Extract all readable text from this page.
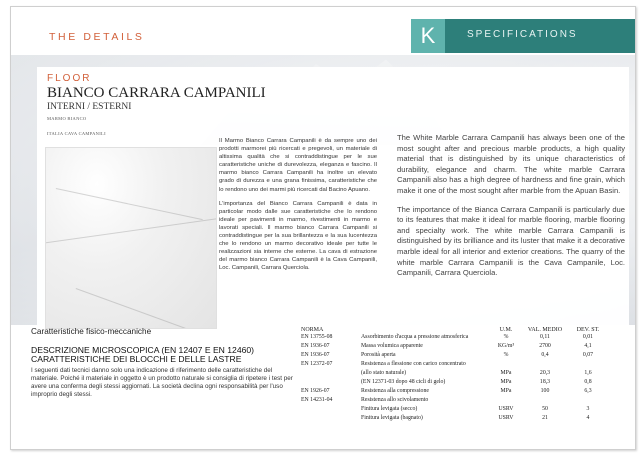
THE DETAILS	K	SPECIFICATIONS
FLOOR
BIANCO CARRARA CAMPANILI
INTERNI / ESTERNI
MARMO BIANCO
ITALIA CAVA CAMPANILI

Il Marmo Bianco Carrara Campanili è da sempre uno dei prodotti marmorei più ricercati e pregevoli, un materiale di altissima qualità che si contraddistingue per le sue caratteristiche uniche di durevolezza, eleganza e fascino. Il marmo bianco Carrara Campanili ha inoltre un elevato grado di durezza e una grana finissima, caratteristiche che lo rendono uno dei marmi più ricercati dal Bacino Apuano.

L'importanza del Bianco Carrara Campanili è data in particolar modo dalle sue caratteristiche che lo rendono ideale per pavimenti in marmo, rivestimenti in marmo e lavorati speciali. Il marmo bianco Carrara Campanili si contraddistingue per la sua brillantezza e la sua lucentezza che lo rendono un marmo decorativo ideale per tutte le realizzazioni sia interne che esterne. La cava di estrazione del marmo bianco Carrara Campanili è la Cava Campanili, Loc. Campanili, Carrara Querciola.

The White Marble Carrara Campanili has always been one of the most sought after and precious marble products, a high quality material that is distinguished by its unique characteristics of durability, elegance and charm. The white marble Carrara Campanili also has a high degree of hardness and fine grain, which make it one of the most sought after marble from the Apuan Basin.

The importance of the Bianca Carrara Campanili is particularly due to its features that make it ideal for marble flooring, marble flooring and specialty work. The white marble Carrara Campanili is distinguished by its brilliance and its luster that make it a decorative marble ideal for all interior and exterior creations. The quarry of the white marble Carrara Campanili is the Cava Campanile, Loc. Campanili, Carrara Querciola.

Caratteristiche fisico-meccaniche
DESCRIZIONE MICROSCOPICA (EN 12407 E EN 12460)
CARATTERISTICHE DEI BLOCCHI E DELLE LASTRE
I seguenti dati tecnici danno solo una indicazione di riferimento delle caratteristiche del materiale. Poiché il materiale in oggetto è un prodotto naturale si consiglia di ripetere i test per avere una conferma degli stessi aggiornati. La società declina ogni responsabilità per l'uso improprio degli stessi.
NORMA		U.M.	VAL. MEDIO	DEV. ST.
EN 13755-08	Assorbimento d'acqua a pressione atmosferica	%	0,11	0,01
EN 1936-07	Massa volumica apparente	KG/m³	2700	4,1
EN 1936-07	Porosità aperta	%	0,4	0,07
EN 12372-07	Resistenza a flessione con carico concentrato			
	(allo stato naturale)	MPa	20,3	1,6
	(EN 12371-03 dopo 48 cicli di gelo)	MPa	18,3	0,8
EN 1926-07	Resistenza alla compressione	MPa	100	6,3
EN 14231-04	Resistenza allo scivolamento			
	Finitura levigata (secco)	USRV	50	3
	Finitura levigata (bagnato)	USRV	21	4
